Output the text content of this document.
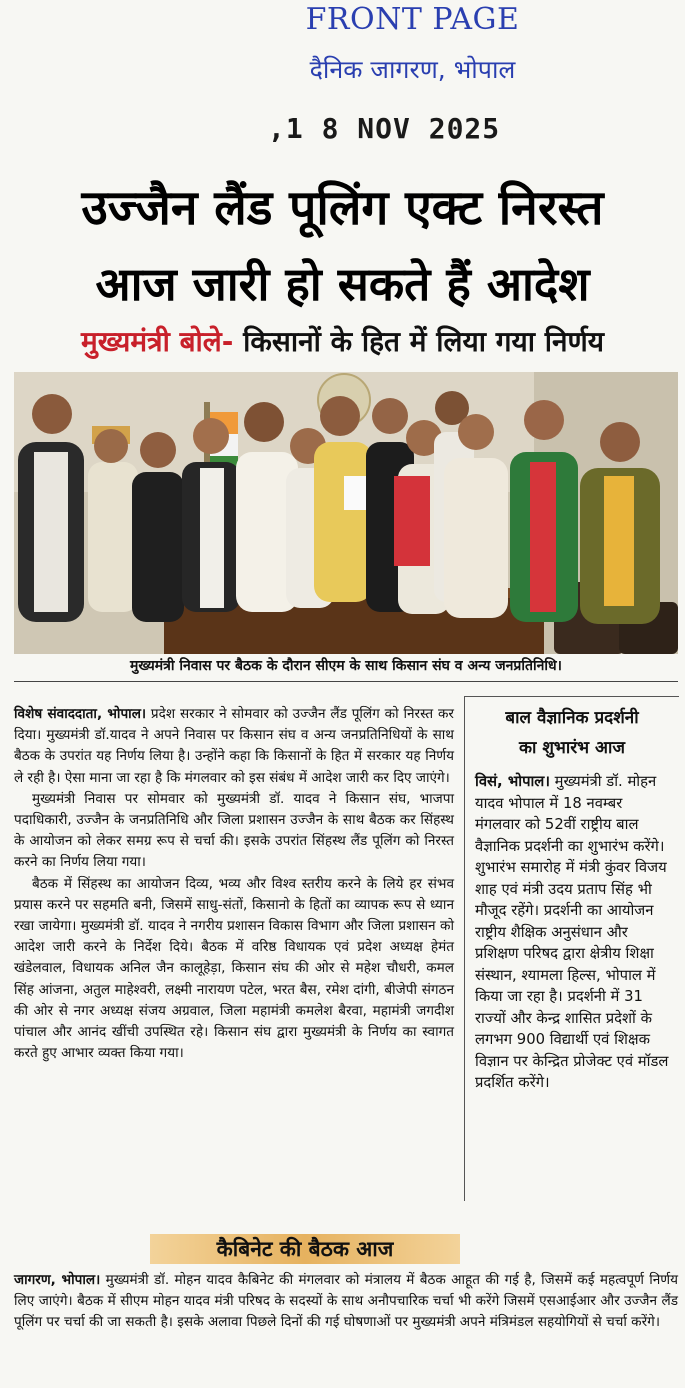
FRONT PAGE
दैनिक जागरण, भोपाल
,1 8 NOV 2025
उज्जैन लैंड पूलिंग एक्ट निरस्त
आज जारी हो सकते हैं आदेश
मुख्यमंत्री बोले- किसानों के हित में लिया गया निर्णय
मुख्यमंत्री निवास पर बैठक के दौरान सीएम के साथ किसान संघ व अन्य जनप्रतिनिधि।

विशेष संवाददाता, भोपाल। प्रदेश सरकार ने सोमवार को उज्जैन लैंड पूलिंग को निरस्त कर दिया। मुख्यमंत्री डॉ.यादव ने अपने निवास पर किसान संघ व अन्य जनप्रतिनिधियों के साथ बैठक के उपरांत यह निर्णय लिया है। उन्होंने कहा कि किसानों के हित में सरकार यह निर्णय ले रही है। ऐसा माना जा रहा है कि मंगलवार को इस संबंध में आदेश जारी कर दिए जाएंगे।

मुख्यमंत्री निवास पर सोमवार को मुख्यमंत्री डॉ. यादव ने किसान संघ, भाजपा पदाधिकारी, उज्जैन के जनप्रतिनिधि और जिला प्रशासन उज्जैन के साथ बैठक कर सिंहस्थ के आयोजन को लेकर समग्र रूप से चर्चा की। इसके उपरांत सिंहस्थ लैंड पूलिंग को निरस्त करने का निर्णय लिया गया।

बैठक में सिंहस्थ का आयोजन दिव्य, भव्य और विश्व स्तरीय करने के लिये हर संभव प्रयास करने पर सहमति बनी, जिसमें साधु-संतों, किसानो के हितों का व्यापक रूप से ध्यान रखा जायेगा। मुख्यमंत्री डॉ. यादव ने नगरीय प्रशासन विकास विभाग और जिला प्रशासन को आदेश जारी करने के निर्देश दिये। बैठक में वरिष्ठ विधायक एवं प्रदेश अध्यक्ष हेमंत खंडेलवाल, विधायक अनिल जैन कालूहेड़ा, किसान संघ की ओर से महेश चौधरी, कमल सिंह आंजना, अतुल माहेश्वरी, लक्ष्मी नारायण पटेल, भरत बैस, रमेश दांगी, बीजेपी संगठन की ओर से नगर अध्यक्ष संजय अग्रवाल, जिला महामंत्री कमलेश बैरवा, महामंत्री जगदीश पांचाल और आनंद खींची उपस्थित रहे। किसान संघ द्वारा मुख्यमंत्री के निर्णय का स्वागत करते हुए आभार व्यक्त किया गया।

बाल वैज्ञानिक प्रदर्शनी
का शुभारंभ आज
विसं, भोपाल। मुख्यमंत्री डॉ. मोहन यादव भोपाल में 18 नवम्बर मंगलवार को 52वीं राष्ट्रीय बाल वैज्ञानिक प्रदर्शनी का शुभारंभ करेंगे। शुभारंभ समारोह में मंत्री कुंवर विजय शाह एवं मंत्री उदय प्रताप सिंह भी मौजूद रहेंगे। प्रदर्शनी का आयोजन राष्ट्रीय शैक्षिक अनुसंधान और प्रशिक्षण परिषद द्वारा क्षेत्रीय शिक्षा संस्थान, श्यामला हिल्स, भोपाल में किया जा रहा है। प्रदर्शनी में 31 राज्यों और केन्द्र शासित प्रदेशों के लगभग 900 विद्यार्थी एवं शिक्षक विज्ञान पर केन्द्रित प्रोजेक्ट एवं मॉडल प्रदर्शित करेंगे।
कैबिनेट की बैठक आज
जागरण, भोपाल। मुख्यमंत्री डॉ. मोहन यादव कैबिनेट की मंगलवार को मंत्रालय में बैठक आहूत की गई है, जिसमें कई महत्वपूर्ण निर्णय लिए जाएंगे। बैठक में सीएम मोहन यादव मंत्री परिषद के सदस्यों के साथ अनौपचारिक चर्चा भी करेंगे जिसमें एसआईआर और उज्जैन लैंड पूलिंग पर चर्चा की जा सकती है। इसके अलावा पिछले दिनों की गई घोषणाओं पर मुख्यमंत्री अपने मंत्रिमंडल सहयोगियों से चर्चा करेंगे।
